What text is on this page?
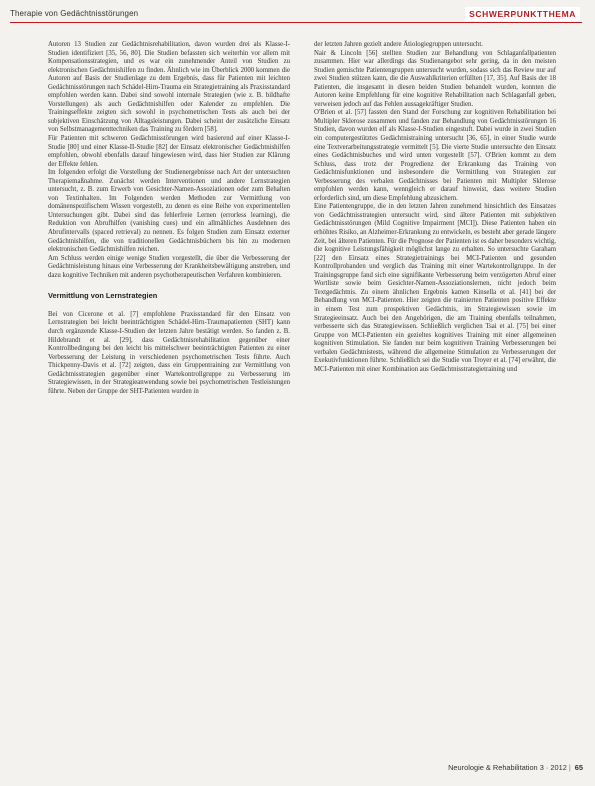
Therapie von Gedächtnisstörungen	SCHWERPUNKTTHEMA

Autoren 13 Studien zur Gedächtnisrehabilitation, davon wurden drei als Klasse-I-Studien identifiziert [35, 56, 80]. Die Studien befassten sich weiterhin vor allem mit Kompensationsstrategien, und es war ein zunehmender Anteil von Studien zu elektronischen Gedächtnishilfen zu finden. Ähnlich wie im Überblick 2000 kommen die Autoren auf Basis der Studienlage zu dem Ergebnis, dass für Patienten mit leichten Gedächtnisstörungen nach Schädel-Hirn-Trauma ein Strategietraining als Praxisstandard empfohlen werden kann. Dabei sind sowohl internale Strategien (wie z. B. bildhafte Vorstellungen) als auch Gedächtnishilfen oder Kalender zu empfehlen. Die Trainingseffekte zeigten sich sowohl in psychometrischen Tests als auch bei der subjektiven Einschätzung von Alltagsleistungen. Dabei scheint der zusätzliche Einsatz von Selbstmanagementtechniken das Training zu fördern [58].

Für Patienten mit schweren Gedächtnisstörungen wird basierend auf einer Klasse-I-Studie [80] und einer Klasse-II-Studie [82] der Einsatz elektronischer Gedächtnishilfen empfohlen, obwohl ebenfalls darauf hingewiesen wird, dass hier Studien zur Klärung der Effekte fehlen.

Im folgenden erfolgt die Vorstellung der Studienergebnisse nach Art der untersuchten Therapiemaßnahme. Zunächst werden Interventionen und andere Lernstrategien untersucht, z. B. zum Erwerb von Gesichter-Namen-Assoziationen oder zum Behalten von Textinhalten. Im Folgenden werden Methoden zur Vermittlung von domänenspezifischem Wissen vorgestellt, zu denen es eine Reihe von experimentellen Untersuchungen gibt. Dabei sind das fehlerfreie Lernen (errorless learning), die Reduktion von Abrufhilfen (vanishing cues) und ein allmähliches Ausdehnen des Abrufintervalls (spaced retrieval) zu nennen. Es folgen Studien zum Einsatz externer Gedächtnishilfen, die von traditionellen Gedächtnisbüchern bis hin zu modernen elektronischen Gedächtnishilfen reichen.

Am Schluss werden einige wenige Studien vorgestellt, die über die Verbesserung der Gedächtnisleistung hinaus eine Verbesserung der Krankheitsbewältigung anstreben, und dazu kognitive Techniken mit anderen psychotherapeutischen Verfahren kombinieren.

Vermittlung von Lernstrategien

Bei von Cicerone et al. [7] empfohlene Praxisstandard für den Einsatz von Lernstrategien bei leicht beeinträchtigten Schädel-Hirn-Traumapatienten (SHT) kann durch ergänzende Klasse-I-Studien der letzten Jahre bestätigt werden. So fanden z. B. Hildebrandt et al. [29], dass Gedächtnisrehabilitation gegenüber einer Kontrollbedingung bei den leicht bis mittelschwer beeinträchtigten Patienten zu einer Verbesserung der Leistung in verschiedenen psychometrischen Tests führte. Auch Thickpenny-Davis et al. [72] zeigten, dass ein Gruppentraining zur Vermittlung von Gedächtnisstrategien gegenüber einer Wartekontrollgruppe zu Verbesserung im Strategiewissen, in der Strategieanwendung sowie bei psychometrischen Testleistungen führte. Neben der Gruppe der SHT-Patienten wurden in

der letzten Jahren gezielt andere Ätiologiegruppen untersucht.

Nair & Lincoln [56] stellten Studien zur Behandlung von Schlaganfallpatienten zusammen. Hier war allerdings das Studienangebot sehr gering, da in den meisten Studien gemischte Patientengruppen untersucht wurden, sodass sich das Review nur auf zwei Studien stützen kann, die die Auswahlkriterien erfüllten [17, 35]. Auf Basis der 18 Patienten, die insgesamt in diesen beiden Studien behandelt wurden, konnten die Autoren keine Empfehlung für eine kognitive Rehabilitation nach Schlaganfall geben, verweisen jedoch auf das Fehlen aussagekräftiger Studien.

O'Brien et al. [57] fassten den Stand der Forschung zur kognitiven Rehabilitation bei Multipler Sklerose zusammen und fanden zur Behandlung von Gedächtnisstörungen 16 Studien, davon wurden elf als Klasse-I-Studien eingestuft. Dabei wurde in zwei Studien ein computergestütztes Gedächtnistraining untersucht [36, 65], in einer Studie wurde eine Textverarbeitungsstrategie vermittelt [5]. Die vierte Studie untersuchte den Einsatz eines Gedächtnisbuches und wird unten vorgestellt [57]. O'Brien kommt zu dem Schluss, dass trotz der Progredienz der Erkrankung das Training von Gedächtnisfunktionen und insbesondere die Vermittlung von Strategien zur Verbesserung des verbalen Gedächtnisses bei Patienten mit Multipler Sklerose empfohlen werden kann, wenngleich er darauf hinweist, dass weitere Studien erforderlich sind, um diese Empfehlung abzusichern.

Eine Patientengruppe, die in den letzten Jahren zunehmend hinsichtlich des Einsatzes von Gedächtnisstrategien untersucht wird, sind ältere Patienten mit subjektiven Gedächtnisstörungen (Mild Cognitive Impairment [MCI]). Diese Patienten haben ein erhöhtes Risiko, an Alzheimer-Erkrankung zu entwickeln, es besteht aber gerade längere Zeit, bei älteren Patienten. Für die Prognose der Patienten ist es daher besonders wichtig, die kognitive Leistungsfähigkeit möglichst lange zu erhalten. So untersuchte Garaham [22] den Einsatz eines Strategietrainings bei MCI-Patienten und gesunden Kontrollprobanden und verglich das Training mit einer Wartekontrollgruppe. In der Trainingsgruppe fand sich eine signifikante Verbesserung beim verzögerten Abruf einer Wortliste sowie beim Gesichter-Namen-Assoziationslernen, nicht jedoch beim Textgedächtnis. Zu einem ähnlichen Ergebnis kamen Kinsella et al. [41] bei der Behandlung von MCI-Patienten. Hier zeigten die trainierten Patienten positive Effekte in einem Test zum prospektiven Gedächtnis, im Strategiewissen sowie im Strategieeinsatz. Auch bei den Angehörigen, die am Training ebenfalls teilnahmen, verbesserte sich das Strategiewissen. Schließlich verglichen Tsai et al. [75] bei einer Gruppe von MCI-Patienten ein gezieltes kognitives Training mit einer allgemeinen kognitiven Stimulation. Sie fanden nur beim kognitiven Training Verbesserungen bei verbalen Gedächtnistests, während die allgemeine Stimulation zu Verbesserungen der Exekutivfunktionen führte. Schließlich sei die Studie von Troyer et al. [74] erwähnt, die MCI-Patienten mit einer Kombination aus Gedächtnisstrategietraining und

Neurologie & Rehabilitation 3 · 2012 | 65
